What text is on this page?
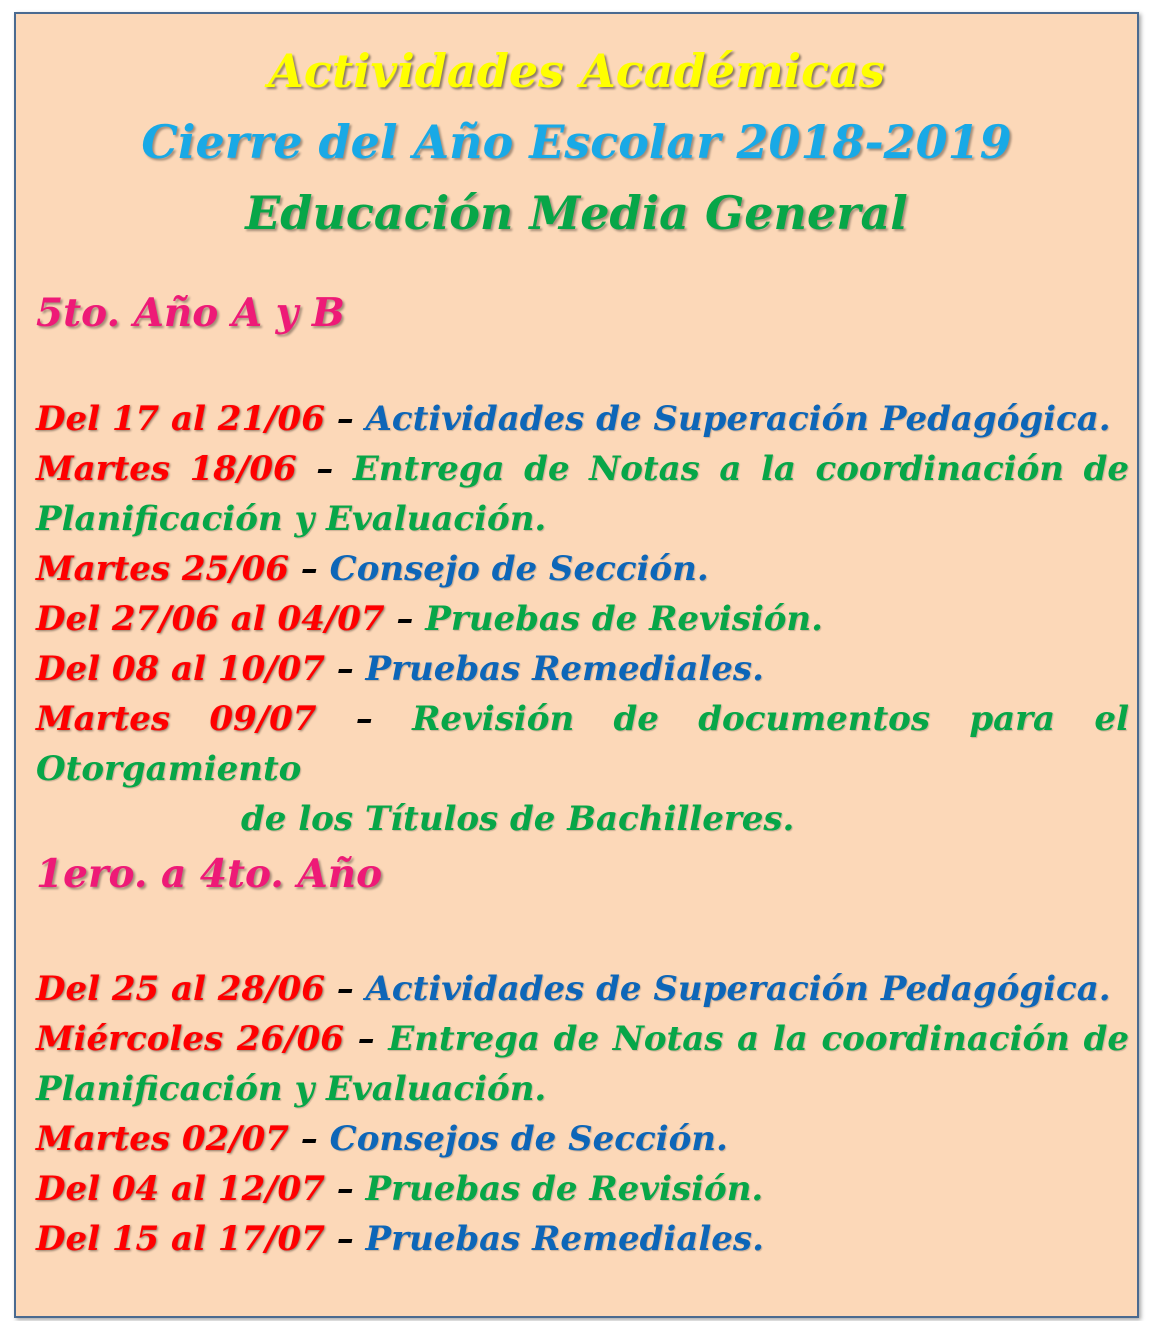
Actividades Académicas
Cierre del Año Escolar 2018-2019
Educación Media General
5to. Año A y B
Del 17 al 21/06 – Actividades de Superación Pedagógica.
Martes 18/06 – Entrega de Notas a la coordinación de Planificación y Evaluación.
Martes 25/06 – Consejo de Sección.
Del 27/06 al 04/07 – Pruebas de Revisión.
Del 08 al 10/07 – Pruebas Remediales.
Martes 09/07 – Revisión de documentos para el Otorgamiento
de los Títulos de Bachilleres.
1ero. a 4to. Año
Del 25 al 28/06 – Actividades de Superación Pedagógica.
Miércoles 26/06 – Entrega de Notas a la coordinación de Planificación y Evaluación.
Martes 02/07 – Consejos de Sección.
Del 04 al 12/07 – Pruebas de Revisión.
Del 15 al 17/07 – Pruebas Remediales.
